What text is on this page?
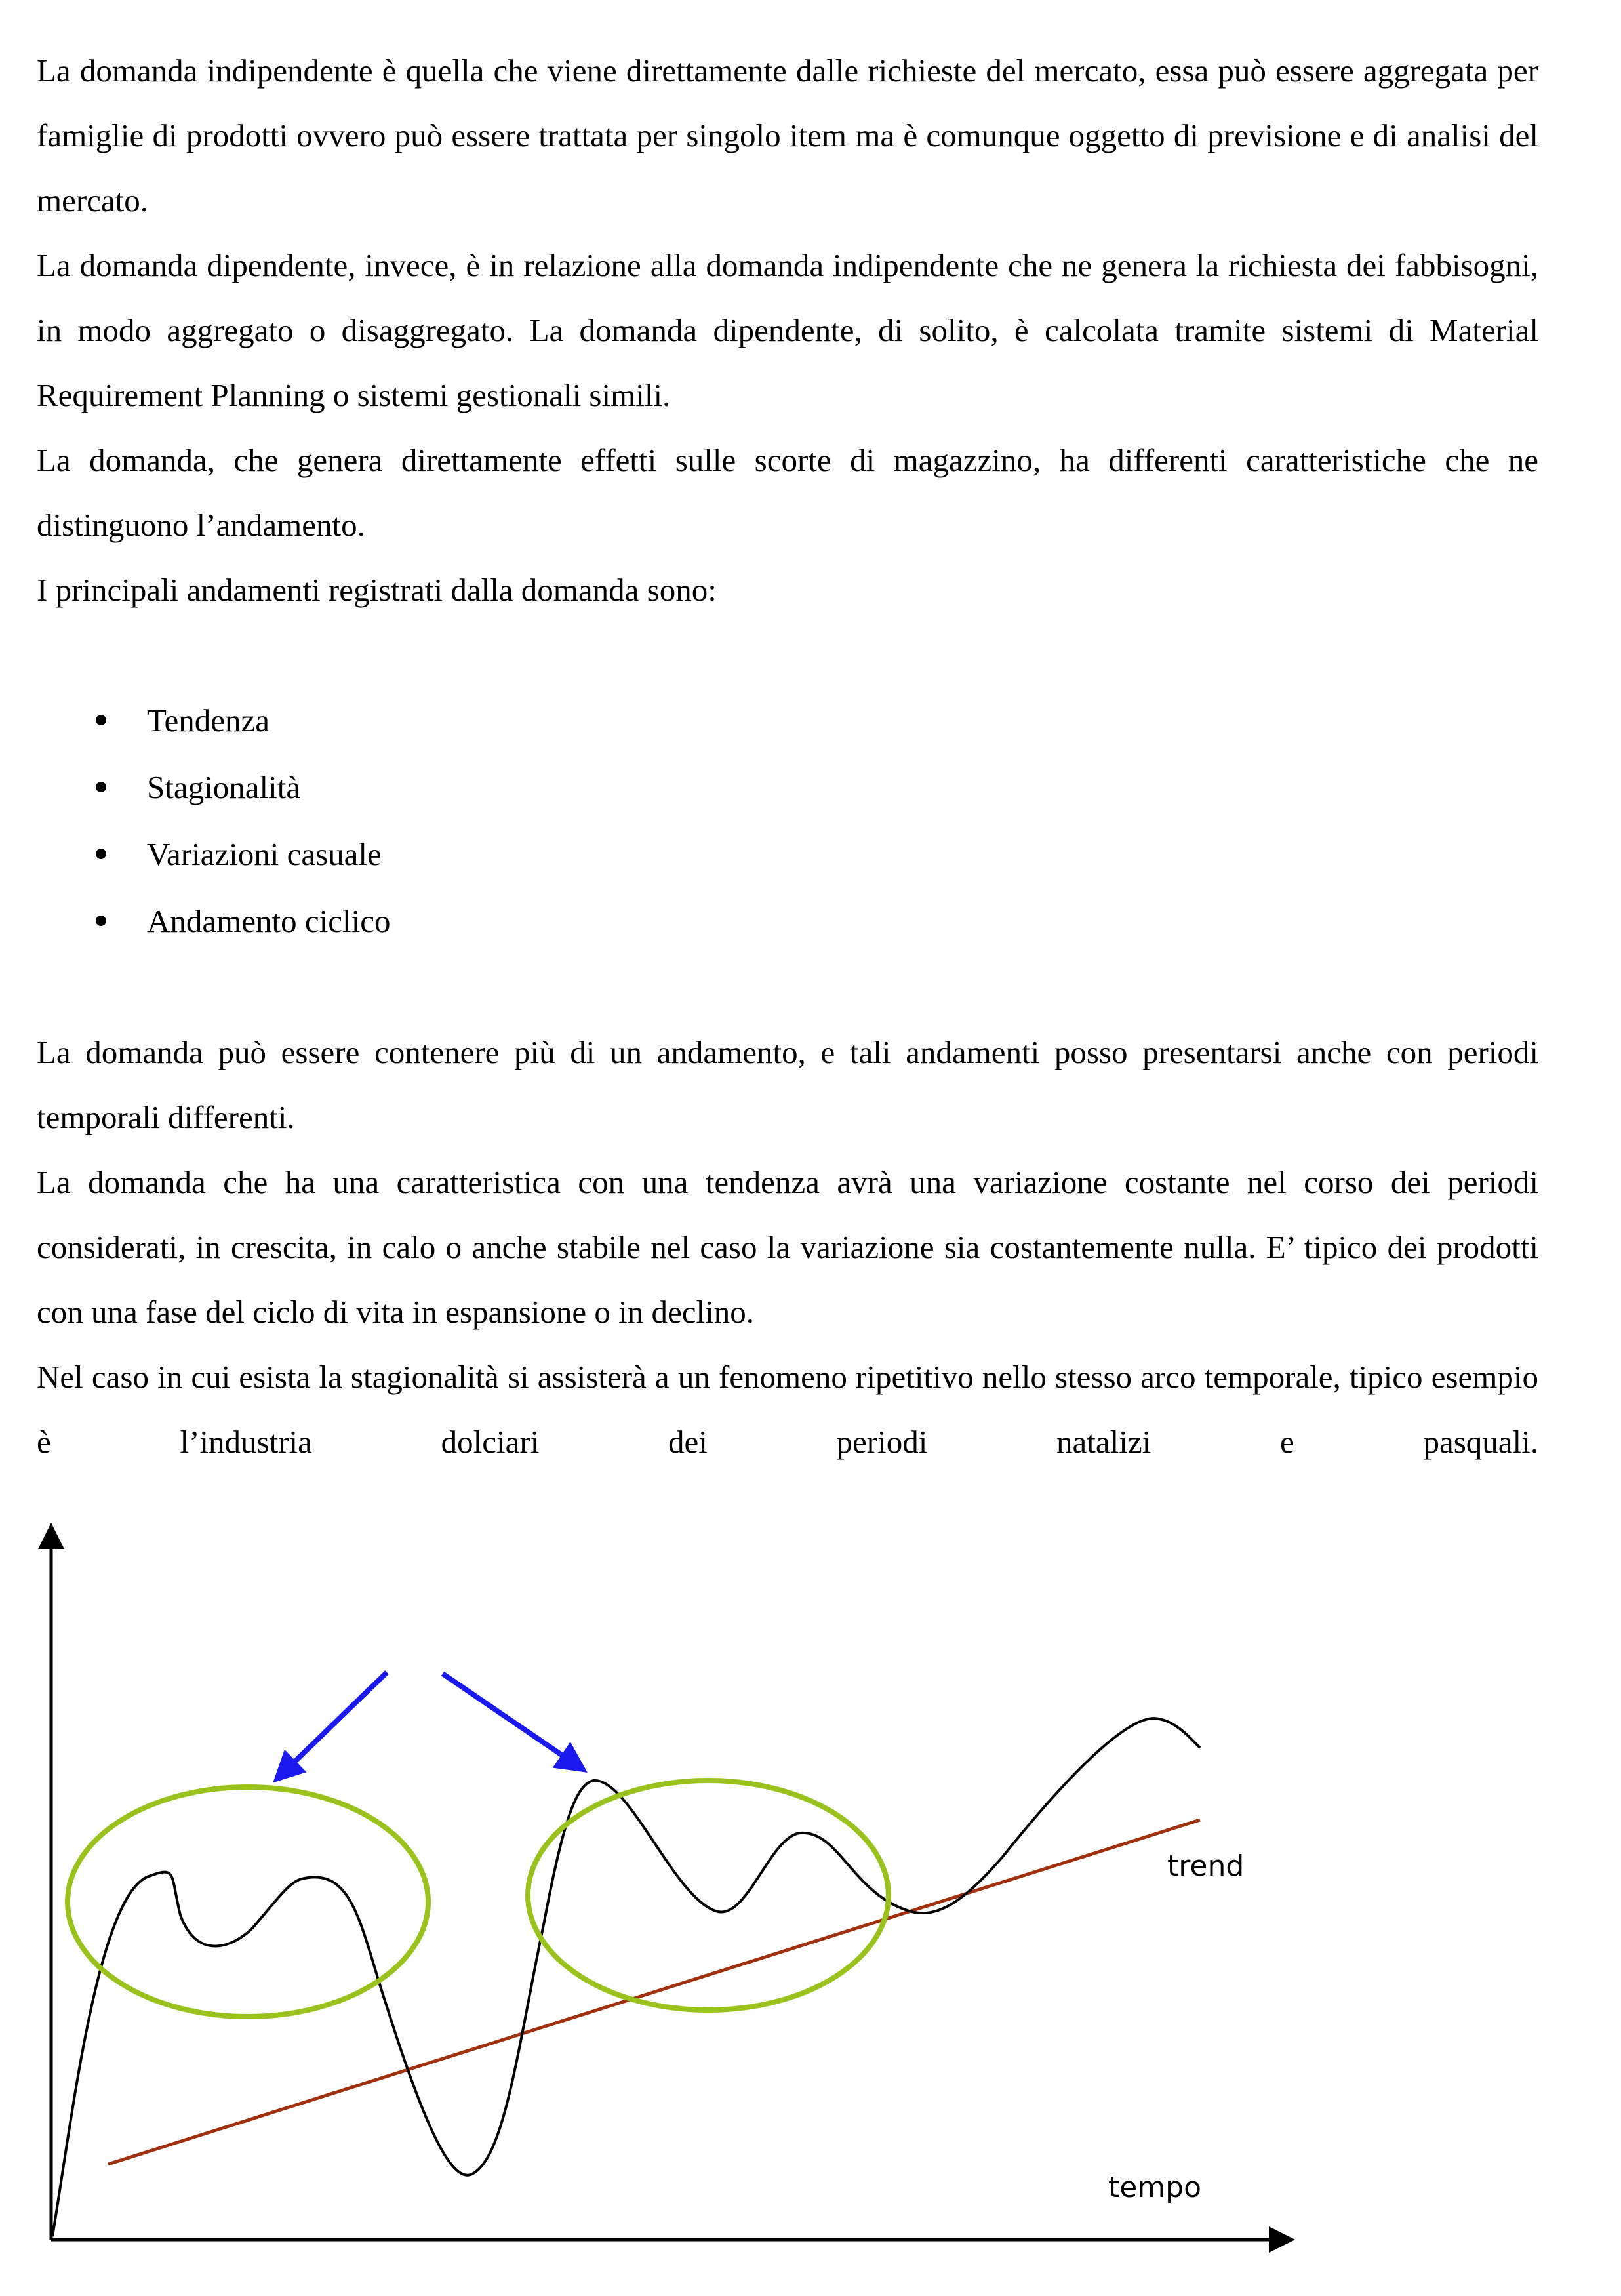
La domanda indipendente è quella che viene direttamente dalle richieste del mercato, essa può essere aggregata per famiglie di prodotti ovvero può essere trattata per singolo item ma è comunque oggetto di previsione e di analisi del mercato.

La domanda dipendente, invece, è in relazione alla domanda indipendente che ne genera la richiesta dei fabbisogni, in modo aggregato o disaggregato. La domanda dipendente, di solito, è calcolata tramite sistemi di Material Requirement Planning o sistemi gestionali simili.

La domanda, che genera direttamente effetti sulle scorte di magazzino, ha differenti caratteristiche che ne distinguono l’andamento.

I principali andamenti registrati dalla domanda sono:

Tendenza
Stagionalità
Variazioni casuale
Andamento ciclico

La domanda può essere contenere più di un andamento, e tali andamenti posso presentarsi anche con periodi temporali differenti.

La domanda che ha una caratteristica con una tendenza avrà una variazione costante nel corso dei periodi considerati, in crescita, in calo o anche stabile nel caso la variazione sia costantemente nulla. E’ tipico dei prodotti con una fase del ciclo di vita in espansione o in declino.

Nel caso in cui esista la stagionalità si assisterà a un fenomeno ripetitivo nello stesso arco temporale, tipico esempio è l’industria dolciari dei periodi natalizi e pasquali.

trend
tempo
